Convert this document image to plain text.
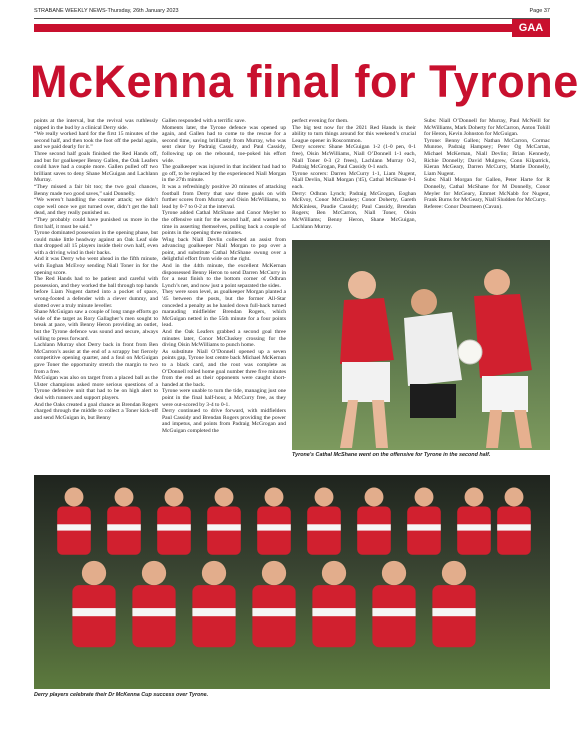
STRABANE WEEKLY NEWS-Thursday, 26th January 2023	Page 37
GAA
McKenna final for Tyrone

points at the interval, but the revival was ruthlessly nipped in the bud by a clinical Derry side.

“We really worked hard for the first 15 minutes of the second half, and then took the foot off the pedal again, and we paid dearly for it.”

Three second half goals finished the Red Hands off, and but for goalkeeper Benny Gallen, the Oak Leafers could have had a couple more. Gallen pulled off two brilliant saves to deny Shane McGuigan and Lachlann Murray.

“They missed a fair bit too; the two goal chances, Benny made two good saves,” said Donnelly.

“We weren’t handling the counter attack; we didn’t cope well once we got turned over, didn’t get the ball dead, and they really punished us.

“They probably could have punished us more in the first half, it must be said.”

Tyrone dominated possession in the opening phase, but could make little headway against an Oak Leaf side that dropped all 15 players inside their own half, even with a driving wind in their backs.

And it was Derry who went ahead in the fifth minute, with Eoghan McEvoy sending Niall Toner in for the opening score.

The Red Hands had to be patient and careful with possession, and they worked the ball through top hands before Liam Nugent darted into a pocket of space, wrong-footed a defender with a clever dummy, and slotted over a truly minute leveller.

Shane McGuigan saw a couple of long range efforts go wide of the target as Rory Gallagher’s men sought to break at pace, with Benny Heron providing an outlet, but the Tyrone defence was sound and secure, always willing to press forward.

Lachlann Murray shot Derry back in front from Ben McCarron’s assist at the end of a scrappy but fiercely competitive opening quarter, and a foul on McGuigan gave Toner the opportunity stretch the margin to two from a free.

McGuigan was also on target from a placed ball as the Ulster champions asked more serious questions of a Tyrone defensive unit that had to be on high alert to deal with runners and support players.

And the Oaks created a goal chance as Brendan Rogers charged through the middle to collect a Toner kick-off and send McGuigan in, but Benny

Gallen responded with a terrific save.

Moments later, the Tyrone defence was opened up again, and Gallen had to come to the rescue for a second time, saving brilliantly from Murray, who was sent clear by Padraig Cassidy, and Paul Cassidy, following up on the rebound, toe-poked his effort wide.

The goalkeeper was injured in that incident had had to go off, to be replaced by the experienced Niall Morgan in the 27th minute.

It was a refreshingly positive 20 minutes of attacking football from Derry that saw three goals on with further scores from Murray and Oisin McWilliams, to lead by 0-7 to 0-2 at the interval.

Tyrone added Cathal McShane and Conor Meyler to the offensive unit for the second half, and wasted no time in asserting themselves, pulling back a couple of points in the opening three minutes.

Wing back Niall Devlin collected an assist from advancing goalkeeper Niall Morgan to pop over a point, and substitute Cathal McShane swung over a delightful effort from wide on the right.

And in the 44th minute, the excellent McKernan dispossessed Benny Heron to send Darren McCurry in for a neat finish to the bottom corner of Odhran Lynch’s net, and now just a point separated the sides.

They were soon level, as goalkeeper Morgan planted a '45 between the posts, but the former All-Star conceded a penalty as he hauled down full-back turned marauding midfielder Brendan Rogers, which McGuigan netted in the 55th minute for a four points lead.

And the Oak Leafers grabbed a second goal three minutes later, Conor McCluskey crossing for the diving Oisin McWilliams to punch home.

As substitute Niall O’Donnell opened up a seven points gap, Tyrone lost centre back Michael McKernan to a black card, and the rout was complete as O’Donnell rolled home goal number three five minutes from the end as their opponents were caught short-handed at the back.

Tyrone were unable to turn the tide, managing just one point in the final half-hour, a McCurry free, as they were out-scored by 3-4 to 0-1.

Derry continued to drive forward, with midfielders Paul Cassidy and Brendan Rogers providing the power and impetus, and points from Padraig McGrogan and McGuigan completed the

perfect evening for them.

The big test now for the 2021 Red Hands is their ability to turn things around for this weekend’s crucial League opener in Roscommon.

Derry scorers: Shane McGuigan 1-2 (1-0 pen, 0-1 free), Oisin McWilliams, Niall O’Donnell 1-1 each, Niall Toner 0-3 (2 frees), Lachlann Murray 0-2, Padraig McGrogan, Paul Cassidy 0-1 each.

Tyrone scorers: Darren McCurry 1-1, Liam Nugent, Niall Devlin, Niall Morgan ('45), Cathal McShane 0-1 each.

Derry: Odhran Lynch; Padraig McGrogan, Eoghan McEvoy, Conor McCluskey; Conor Doherty, Gareth McKinless, Paudie Cassidy; Paul Cassidy, Brendan Rogers; Ben McCarron, Niall Toner, Oisin McWilliams; Benny Heron, Shane McGuigan, Lachlann Murray.

Subs: Niall O’Donnell for Murray, Paul McNeill for McWilliams, Mark Doherty for McCarron, Anton Tohill for Heron, Kevin Johnston for McGuigan.

Tyrone: Benny Gallen; Nathan McCarron, Cormac Munroe, Padraig Hampsey; Peter Og McCartan, Michael McKernan, Niall Devlin; Brian Kennedy, Richie Donnelly; David Mulgrew, Conn Kilpatrick, Kieran McGeary, Darren McCurry, Mattie Donnelly, Liam Nugent.

Subs: Niall Morgan for Gallen, Peter Harte for R Donnelly, Cathal McShane for M Donnelly, Conor Meyler for McGeary, Emmet McNabb for Nugent, Frank Burns for McGeary, Niall Sludden for McCurry.

Referee: Conor Dourneen (Cavan).

Tyrone's Cathal McShane went on the offensive for Tyrone in the second half.
Derry players celebrate their Dr McKenna Cup success over Tyrone.
